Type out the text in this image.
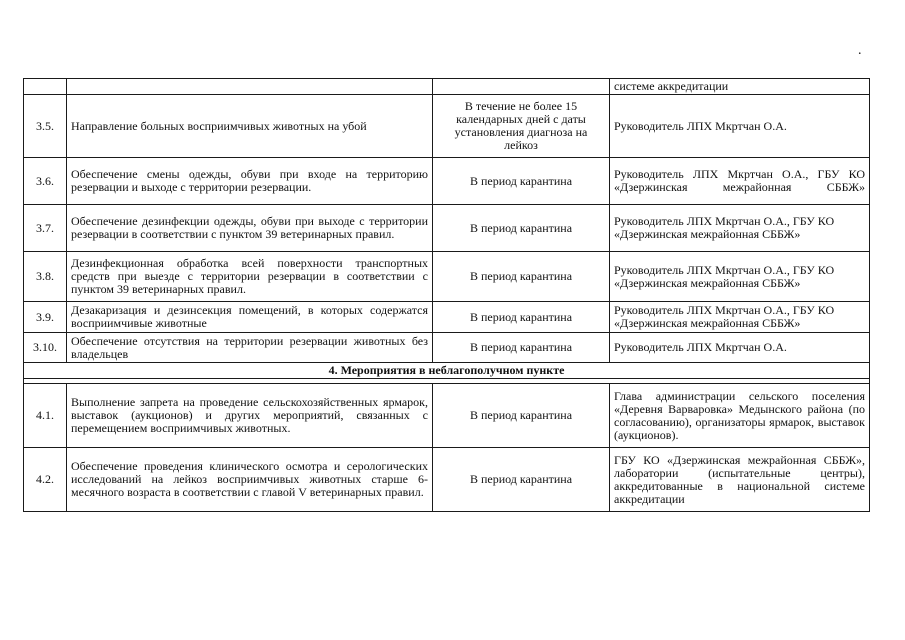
.
			системе аккредитации
3.5.	Направление больных восприимчивых животных на убой	В течение не более 15 календарных дней с даты установления диагноза на лейкоз	Руководитель ЛПХ Мкртчан О.А.
3.6.	Обеспечение смены одежды, обуви при входе на территорию резервации и выходе с территории резервации.	В период карантина	Руководитель ЛПХ Мкртчан О.А., ГБУ КО «Дзержинская межрайонная СББЖ»
3.7.	Обеспечение дезинфекции одежды, обуви при выходе с территории резервации в соответствии с пунктом 39 ветеринарных правил.	В период карантина	Руководитель ЛПХ Мкртчан О.А., ГБУ КО «Дзержинская межрайонная СББЖ»
3.8.	Дезинфекционная обработка всей поверхности транспортных средств при выезде с территории резервации в соответствии с пунктом 39 ветеринарных правил.	В период карантина	Руководитель ЛПХ Мкртчан О.А., ГБУ КО «Дзержинская межрайонная СББЖ»
3.9.	Дезакаризация и дезинсекция помещений, в которых содержатся восприимчивые животные	В период карантина	Руководитель ЛПХ Мкртчан О.А., ГБУ КО «Дзержинская межрайонная СББЖ»
3.10.	Обеспечение отсутствия на территории резервации животных без владельцев	В период карантина	Руководитель ЛПХ Мкртчан О.А.
4. Мероприятия в неблагополучном пункте			

4.1.	Выполнение запрета на проведение сельскохозяйственных ярмарок, выставок (аукционов) и других мероприятий, связанных с перемещением восприимчивых животных.	В период карантина	Глава администрации сельского поселения «Деревня Варваровка» Медынского района (по согласованию), организаторы ярмарок, выставок (аукционов).
4.2.	Обеспечение проведения клинического осмотра и серологических исследований на лейкоз восприимчивых животных старше 6-месячного возраста в соответствии с главой V ветеринарных правил.	В период карантина	ГБУ КО «Дзержинская межрайонная СББЖ», лаборатории (испытательные центры), аккредитованные в национальной системе аккредитации
